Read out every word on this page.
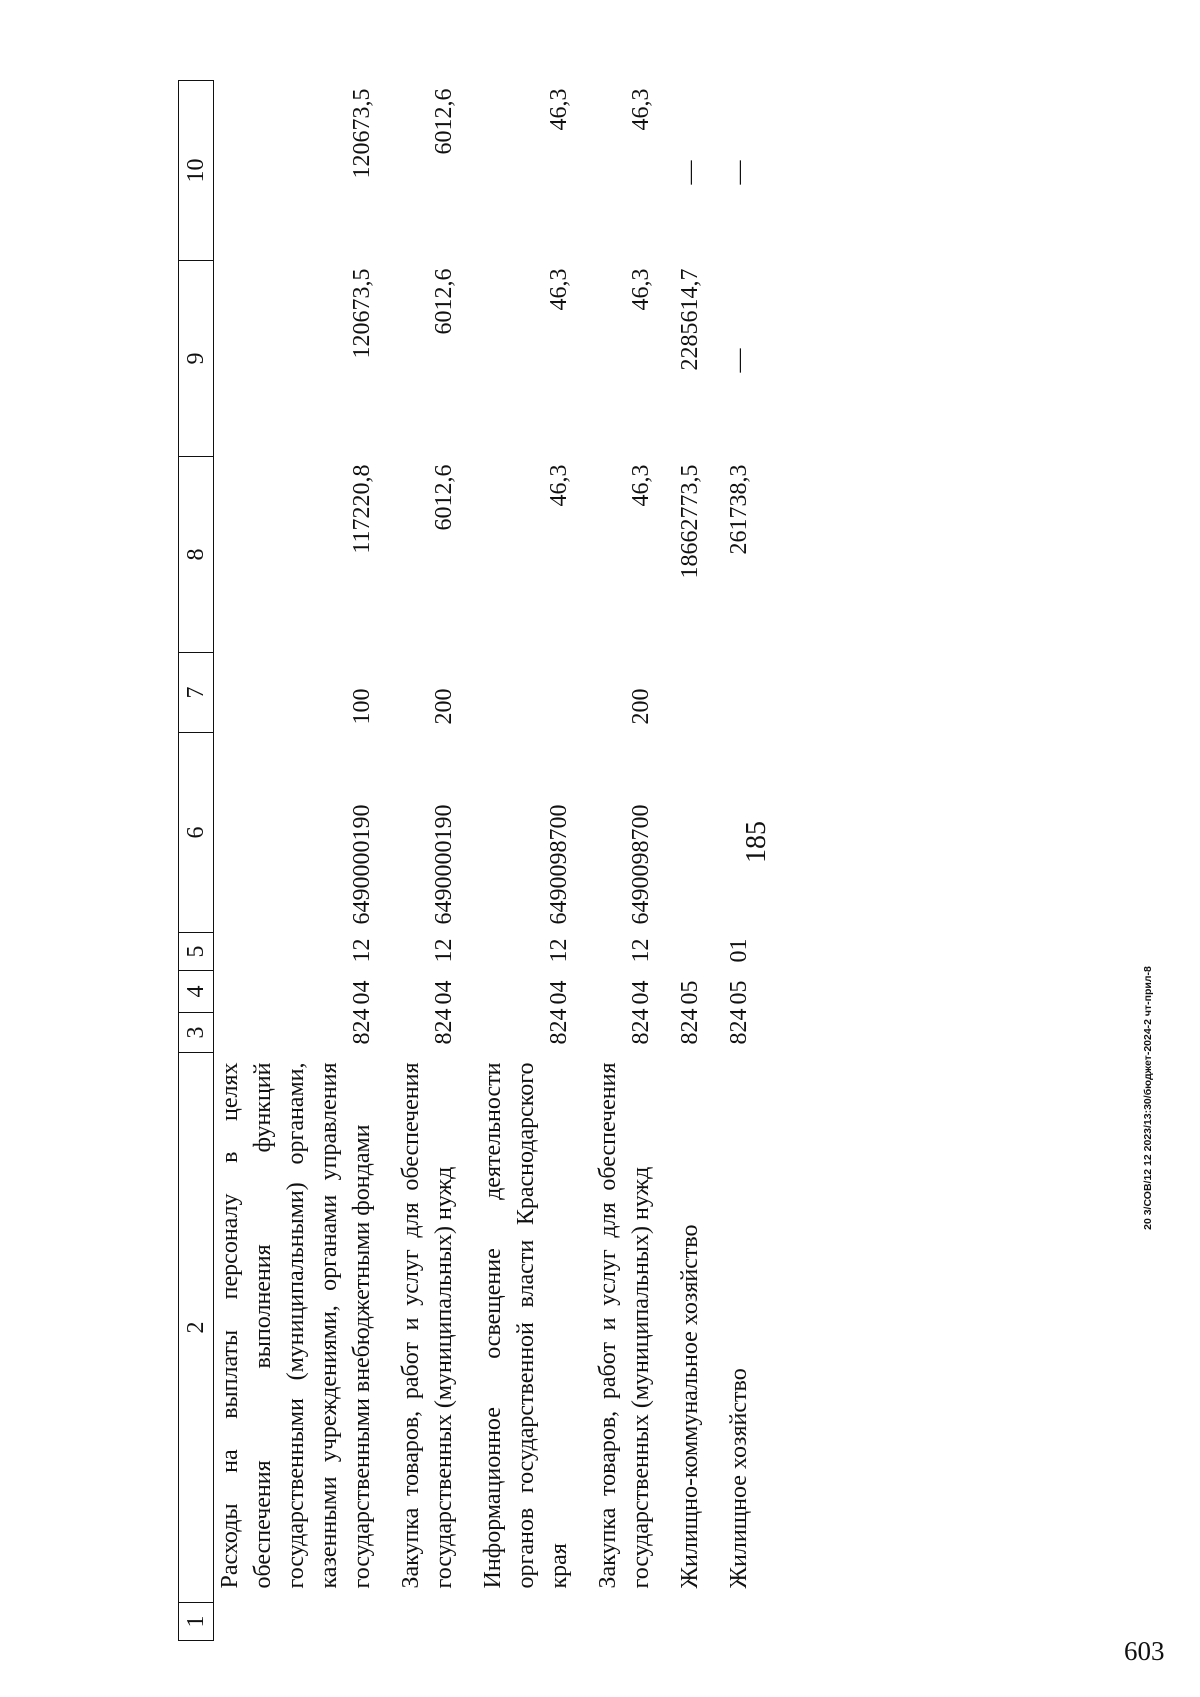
185
20 3/СОВ/12 12 2023/13:30/бюджет-2024-2 чт-прил-8
603
1	2	3	4	5	6	7	8	9	10
	Расходы на выплаты персоналу в целях обеспечения выполнения функций государственными (муниципальными) органами, казенными учреждениями, органами управления государственными внебюджетными фондами	824	04	12	6490000190	100	117220,8	120673,5	120673,5
	Закупка товаров, работ и услуг для обеспечения государственных (муниципальных) нужд	824	04	12	6490000190	200	6012,6	6012,6	6012,6
	Информационное освещение деятельности органов государственной власти Краснодарского края	824	04	12	6490098700		46,3	46,3	46,3
	Закупка товаров, работ и услуг для обеспечения государственных (муниципальных) нужд	824	04	12	6490098700	200	46,3	46,3	46,3
	Жилищно-коммунальное хозяйство	824	05				18662773,5	2285614,7	—
	Жилищное хозяйство	824	05	01			261738,3	—	—
